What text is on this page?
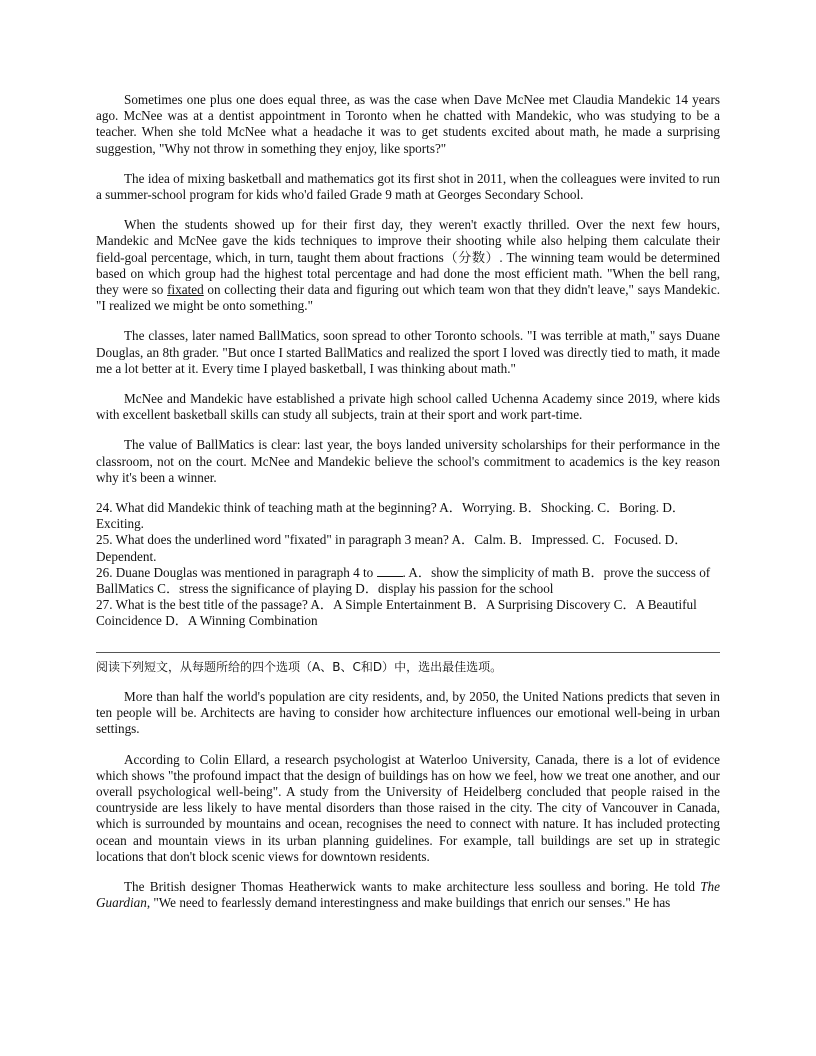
Sometimes one plus one does equal three, as was the case when Dave McNee met Claudia Mandekic 14 years ago. McNee was at a dentist appointment in Toronto when he chatted with Mandekic, who was studying to be a teacher. When she told McNee what a headache it was to get students excited about math, he made a surprising suggestion, "Why not throw in something they enjoy, like sports?"

The idea of mixing basketball and mathematics got its first shot in 2011, when the colleagues were invited to run a summer-school program for kids who'd failed Grade 9 math at Georges Secondary School.

When the students showed up for their first day, they weren't exactly thrilled. Over the next few hours, Mandekic and McNee gave the kids techniques to improve their shooting while also helping them calculate their field-goal percentage, which, in turn, taught them about fractions（分数）. The winning team would be determined based on which group had the highest total percentage and had done the most efficient math. "When the bell rang, they were so fixated on collecting their data and figuring out which team won that they didn't leave," says Mandekic. "I realized we might be onto something."

The classes, later named BallMatics, soon spread to other Toronto schools. "I was terrible at math," says Duane Douglas, an 8th grader. "But once I started BallMatics and realized the sport I loved was directly tied to math, it made me a lot better at it. Every time I played basketball, I was thinking about math."

McNee and Mandekic have established a private high school called Uchenna Academy since 2019, where kids with excellent basketball skills can study all subjects, train at their sport and work part-time.

The value of BallMatics is clear: last year, the boys landed university scholarships for their performance in the classroom, not on the court. McNee and Mandekic believe the school's commitment to academics is the key reason why it's been a winner.

24. What did Mandekic think of teaching math at the beginning? A．Worrying. B．Shocking. C．Boring. D．Exciting.

25. What does the underlined word "fixated" in paragraph 3 mean? A．Calm. B．Impressed. C．Focused. D．Dependent.

26. Duane Douglas was mentioned in paragraph 4 to . A．show the simplicity of math B．prove the success of BallMatics C．stress the significance of playing D．display his passion for the school

27. What is the best title of the passage? A．A Simple Entertainment B．A Surprising Discovery C．A Beautiful Coincidence D．A Winning Combination

阅读下列短文，从每题所给的四个选项（A、B、C和D）中，选出最佳选项。

More than half the world's population are city residents, and, by 2050, the United Nations predicts that seven in ten people will be. Architects are having to consider how architecture influences our emotional well-being in urban settings.

According to Colin Ellard, a research psychologist at Waterloo University, Canada, there is a lot of evidence which shows "the profound impact that the design of buildings has on how we feel, how we treat one another, and our overall psychological well-being". A study from the University of Heidelberg concluded that people raised in the countryside are less likely to have mental disorders than those raised in the city. The city of Vancouver in Canada, which is surrounded by mountains and ocean, recognises the need to connect with nature. It has included protecting ocean and mountain views in its urban planning guidelines. For example, tall buildings are set up in strategic locations that don't block scenic views for downtown residents.

The British designer Thomas Heatherwick wants to make architecture less soulless and boring. He told The Guardian, "We need to fearlessly demand interestingness and make buildings that enrich our senses." He has
